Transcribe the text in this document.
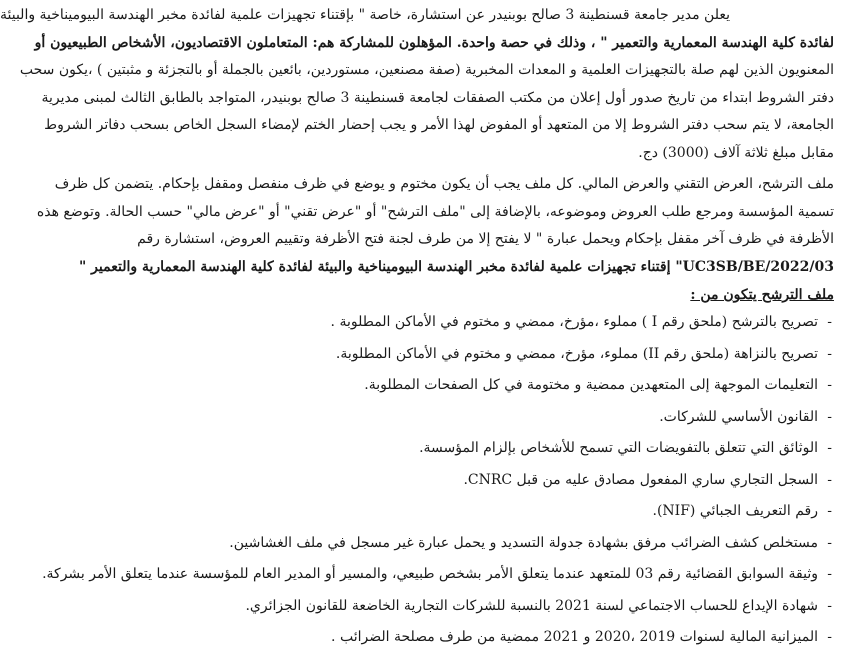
يعلن مدير جامعة قسنطينة 3 صالح بوبنيدر عن استشارة، خاصة " بإقتناء تجهيزات علمية لفائدة مخبر الهندسة البيوميناخية والبيئة

لفائدة كلية الهندسة المعمارية والتعمير " ، وذلك في حصة واحدة. المؤهلون للمشاركة هم: المتعاملون الاقتصاديون، الأشخاص الطبيعيون أو

المعنويون الذين لهم صلة بالتجهيزات العلمية و المعدات المخبرية (صفة مصنعين، مستوردين، بائعين بالجملة أو بالتجزئة و مثبتين ) ،يكون سحب

دفتر الشروط ابتداء من تاريخ صدور أول إعلان من مكتب الصفقات لجامعة قسنطينة 3 صالح بوبنيدر، المتواجد بالطابق الثالث لمبنى مديرية

الجامعة، لا يتم سحب دفتر الشروط إلا من المتعهد أو المفوض لهذا الأمر و يجب إحضار الختم لإمضاء السجل الخاص بسحب دفاتر الشروط

مقابل مبلغ ثلاثة آلاف (3000) دج.

ملف الترشح، العرض التقني والعرض المالي. كل ملف يجب أن يكون مختوم و يوضع في ظرف منفصل ومقفل بإحكام. يتضمن كل ظرف

تسمية المؤسسة ومرجع طلب العروض وموضوعه، بالإضافة إلى "ملف الترشح" أو "عرض تقني" أو "عرض مالي" حسب الحالة. وتوضع هذه

الأظرفة في ظرف آخر مقفل بإحكام ويحمل عبارة " لا يفتح إلا من طرف لجنة فتح الأظرفة وتقييم العروض، استشارة رقم

03/UC3SB/BE/2022" إقتناء تجهيزات علمية لفائدة مخبر الهندسة البيوميناخية والبيئة لفائدة كلية الهندسة المعمارية والتعمير "

ملف الترشح يتكون من :
-تصريح بالترشح (ملحق رقم I ) مملوء ،مؤرخ، ممضي و مختوم في الأماكن المطلوبة .
-تصريح بالنزاهة (ملحق رقم II) مملوء، مؤرخ، ممضي و مختوم في الأماكن المطلوبة.
-التعليمات الموجهة إلى المتعهدين ممضية و مختومة في كل الصفحات المطلوبة.
-القانون الأساسي للشركات.
-الوثائق التي تتعلق بالتفويضات التي تسمح للأشخاص بإلزام المؤسسة.
-السجل التجاري ساري المفعول مصادق عليه من قبل CNRC.
-رقم التعريف الجبائي (NIF).
-مستخلص كشف الضرائب مرفق بشهادة جدولة التسديد و يحمل عبارة غير مسجل في ملف الغشاشين.
-وثيقة السوابق القضائية رقم 03 للمتعهد عندما يتعلق الأمر بشخص طبيعي، والمسير أو المدير العام للمؤسسة عندما يتعلق الأمر بشركة.
-شهادة الإيداع للحساب الاجتماعي لسنة 2021 بالنسبة للشركات التجارية الخاضعة للقانون الجزائري.
-الميزانية المالية لسنوات 2019 ،2020 و 2021 ممضية من طرف مصلحة الضرائب .
